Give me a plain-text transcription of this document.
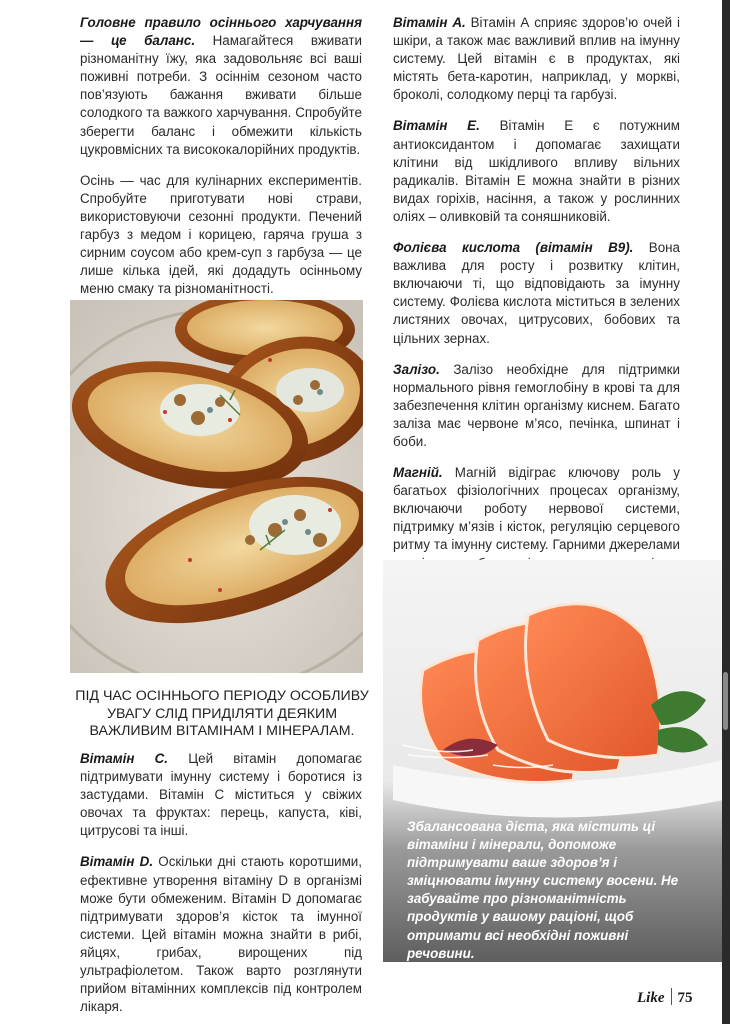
Головне правило осіннього харчування — це баланс. Намагайтеся вживати різноманітну їжу, яка задовольняє всі ваші поживні потреби. З осіннім сезоном часто пов’язують бажання вживати більше солодкого та важкого харчування. Спробуйте зберегти баланс і обмежити кількість цукровмісних та висококалорійних продуктів.

Осінь — час для кулінарних експериментів. Спробуйте приготувати нові страви, використовуючи сезонні продукти. Печений гарбуз з медом і корицею, гаряча груша з сирним соусом або крем-суп з гарбуза — це лише кілька ідей, які додадуть осінньому меню смаку та різноманітності.

ПІД ЧАС ОСІННЬОГО ПЕРІОДУ ОСОБЛИВУ УВАГУ СЛІД ПРИДІЛЯТИ ДЕЯКИМ ВАЖЛИВИМ ВІТАМІНАМ І МІНЕРАЛАМ.

Вітамін С. Цей вітамін допомагає підтримувати імунну систему і боротися із застудами. Вітамін С міститься у свіжих овочах та фруктах: перець, капуста, ківі, цитрусові та інші.

Вітамін D. Оскільки дні стають коротшими, ефективне утворення вітаміну D в організмі може бути обмеженим. Вітамін D допомагає підтримувати здоров’я кісток та імунної системи. Цей вітамін можна знайти в рибі, яйцях, грибах, вирощених під ультрафіолетом. Також варто розглянути прийом вітамінних комплексів під контролем лікаря.

Вітамін А. Вітамін А сприяє здоров’ю очей і шкіри, а також має важливий вплив на імунну систему. Цей вітамін є в продуктах, які містять бета-каротин, наприклад, у моркві, броколі, солодкому перці та гарбузі.

Вітамін Е. Вітамін Е є потужним антиоксидантом і допомагає захищати клітини від шкідливого впливу вільних радикалів. Вітамін Е можна знайти в різних видах горіхів, насіння, а також у рослинних оліях – оливковій та соняшниковій.

Фолієва кислота (вітамін В9). Вона важлива для росту і розвитку клітин, включаючи ті, що відповідають за імунну систему. Фолієва кислота міститься в зелених листяних овочах, цитрусових, бобових та цільних зернах.

Залізо. Залізо необхідне для підтримки нормального рівня гемоглобіну в крові та для забезпечення клітин організму киснем. Багато заліза має червоне м’ясо, печінка, шпинат і боби.

Магній. Магній відіграє ключову роль у багатьох фізіологічних процесах організму, включаючи роботу нервової системи, підтримку м’язів і кісток, регуляцію серцевого ритму та імунну систему. Гарними джерелами

Збалансована дієта, яка містить ці вітаміни і мінерали, допоможе підтримувати ваше здоров’я і зміцнювати імунну систему восени. Не забувайте про різноманітність продуктів у вашому раціоні, щоб отримати всі необхідні поживні речовини.
Like 75
